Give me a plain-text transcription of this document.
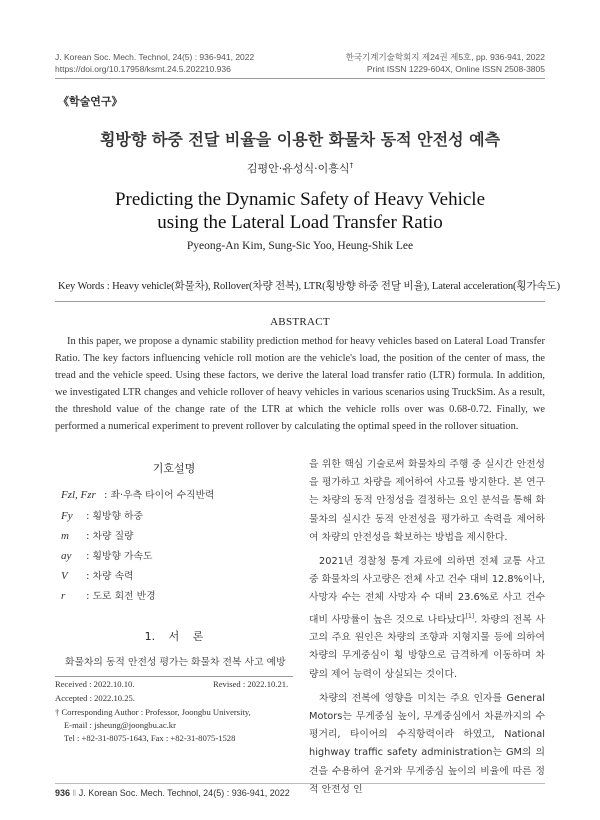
J. Korean Soc. Mech. Technol, 24(5) : 936-941, 2022
https://doi.org/10.17958/ksmt.24.5.202210.936
한국기계기술학회지 제24권 제5호, pp. 936-941, 2022
Print ISSN 1229-604X, Online ISSN 2508-3805
《학술연구》
횡방향 하중 전달 비율을 이용한 화물차 동적 안전성 예측
김평안·유성식·이흥식†
Predicting the Dynamic Safety of Heavy Vehicle
using the Lateral Load Transfer Ratio
Pyeong-An Kim, Sung-Sic Yoo, Heung-Shik Lee
Key Words : Heavy vehicle(화물차), Rollover(차량 전복), LTR(횡방향 하중 전달 비율), Lateral acceleration(횡가속도)
ABSTRACT
In this paper, we propose a dynamic stability prediction method for heavy vehicles based on Lateral Load Transfer Ratio. The key factors influencing vehicle roll motion are the vehicle's load, the position of the center of mass, the tread and the vehicle speed. Using these factors, we derive the lateral load transfer ratio (LTR) formula. In addition, we investigated LTR changes and vehicle rollover of heavy vehicles in various scenarios using TruckSim. As a result, the threshold value of the change rate of the LTR at which the vehicle rolls over was 0.68-0.72. Finally, we performed a numerical experiment to prevent rollover by calculating the optimal speed in the rollover situation.
기호설명
Fzl, Fzr : 좌·우측 타이어 수직반력
Fy : 횡방향 하중
m : 차량 질량
ay : 횡방향 가속도
V : 차량 속력
r : 도로 회전 반경
1. 서 론
화물차의 동적 안전성 평가는 화물차 전복 사고 예방
Received : 2022.10.10.	Revised : 2022.10.21.
Accepted : 2022.10.25.
† Corresponding Author : Professor, Joongbu University,
E-mail : jsheung@joongbu.ac.kr
Tel : +82-31-8075-1643, Fax : +82-31-8075-1528

을 위한 핵심 기술로써 화물차의 주행 중 실시간 안전성을 평가하고 차량을 제어하여 사고를 방지한다. 본 연구는 차량의 동적 안정성을 결정하는 요인 분석을 통해 화물차의 실시간 동적 안전성을 평가하고 속력을 제어하여 차량의 안전성을 확보하는 방법을 제시한다.

2021년 경찰청 통계 자료에 의하면 전체 교통 사고 중 화물차의 사고량은 전체 사고 건수 대비 12.8%이나, 사망자 수는 전체 사망자 수 대비 23.6%로 사고 건수 대비 사망률이 높은 것으로 나타났다[1]. 차량의 전복 사고의 주요 원인은 차량의 조향과 지형지물 등에 의하여 차량의 무게중심이 횡 방향으로 급격하게 이동하며 차량의 제어 능력이 상실되는 것이다.

차량의 전복에 영향을 미치는 주요 인자를 General Motors는 무게중심 높이, 무게중심에서 차륜까지의 수평거리, 타이어의 수직항력이라 하였고, National highway traffic safety administration는 GM의 의견을 수용하여 윤거와 무게중심 높이의 비율에 따른 정적 안전성 인

936 ‖ J. Korean Soc. Mech. Technol, 24(5) : 936-941, 2022
